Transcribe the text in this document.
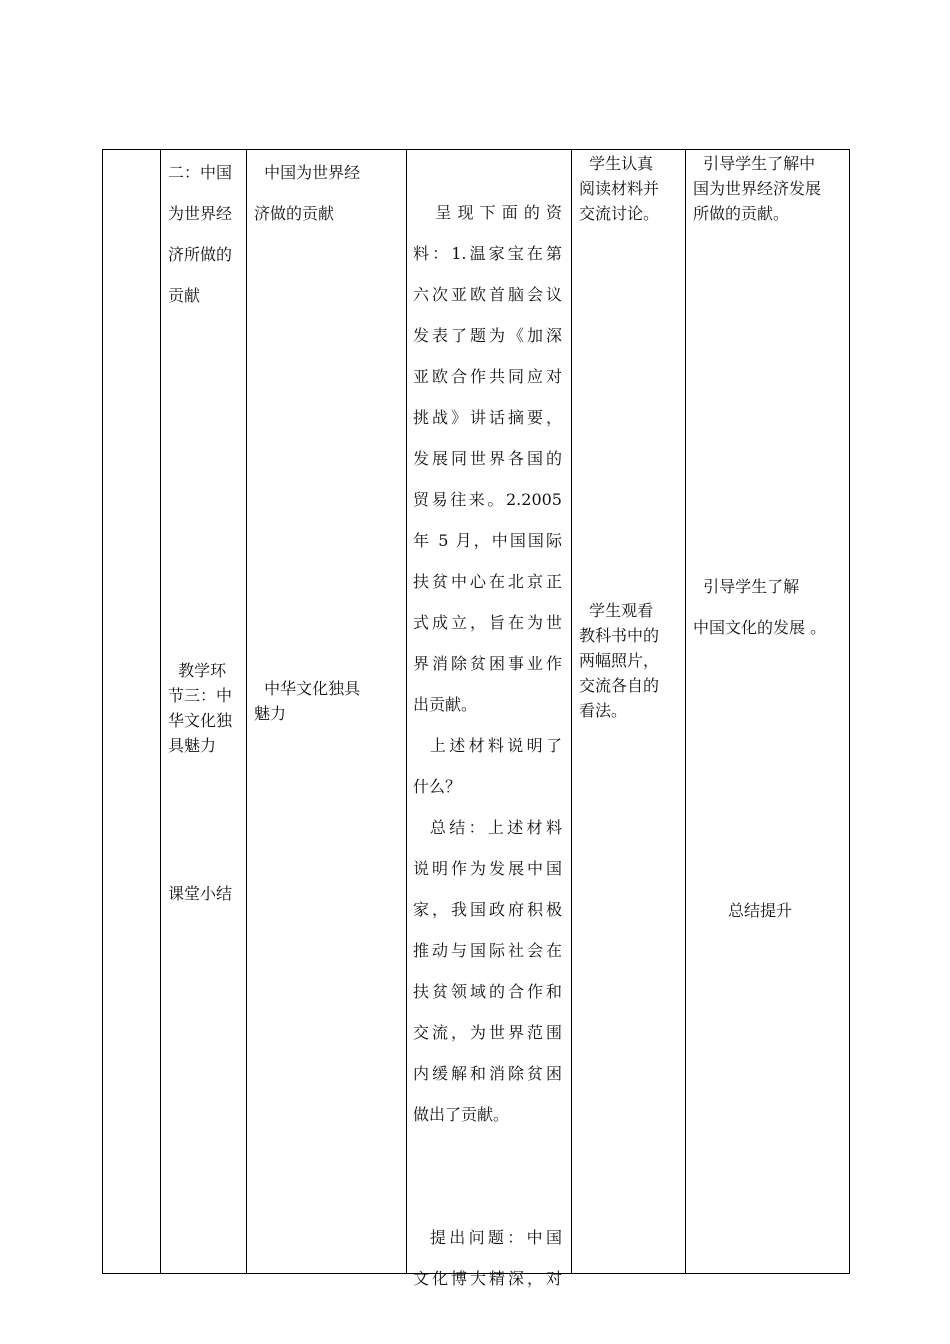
二：中国
为世界经
济所做的
贡献
教学环
节三：中
华文化独
具魅力
课堂小结
中国为世界经
济做的贡献
中华文化独具
魅力
呈现下面的资
料：1.温家宝在第
六次亚欧首脑会议
发表了题为《加深
亚欧合作共同应对
挑战》讲话摘要，
发展同世界各国的
贸易往来。2.2005
年 5 月，中国国际
扶贫中心在北京正
式成立，旨在为世
界消除贫困事业作
出贡献。
上述材料说明了
什么？
总结：上述材料
说明作为发展中国
家，我国政府积极
推动与国际社会在
扶贫领域的合作和
交流，为世界范围
内缓解和消除贫困
做出了贡献。
提出问题：中国
文化博大精深，对
学生认真
阅读材料并
交流讨论。
学生观看
教科书中的
两幅照片，
交流各自的
看法。
引导学生了解中
国为世界经济发展
所做的贡献。
引导学生了解
中国文化的发展 。
总结提升
